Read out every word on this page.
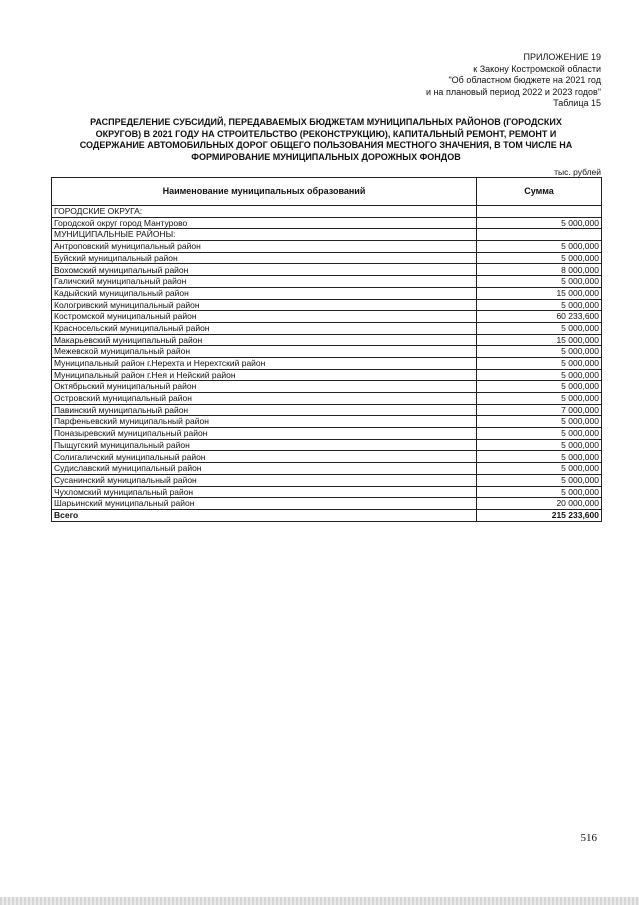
ПРИЛОЖЕНИЕ 19
к Закону Костромской области
"Об областном бюджете на 2021 год
и на плановый период 2022 и 2023 годов"
Таблица 15
РАСПРЕДЕЛЕНИЕ СУБСИДИЙ, ПЕРЕДАВАЕМЫХ БЮДЖЕТАМ МУНИЦИПАЛЬНЫХ РАЙОНОВ (ГОРОДСКИХ
ОКРУГОВ) В 2021 ГОДУ НА СТРОИТЕЛЬСТВО (РЕКОНСТРУКЦИЮ), КАПИТАЛЬНЫЙ РЕМОНТ, РЕМОНТ И
СОДЕРЖАНИЕ АВТОМОБИЛЬНЫХ ДОРОГ ОБЩЕГО ПОЛЬЗОВАНИЯ МЕСТНОГО ЗНАЧЕНИЯ, В ТОМ ЧИСЛЕ НА
ФОРМИРОВАНИЕ МУНИЦИПАЛЬНЫХ ДОРОЖНЫХ ФОНДОВ
тыс. рублей
Наименование муниципальных образований	Сумма
ГОРОДСКИЕ ОКРУГА:	
Городской округ город Мантурово	5 000,000
МУНИЦИПАЛЬНЫЕ РАЙОНЫ:	
Антроповский муниципальный район	5 000,000
Буйский муниципальный район	5 000,000
Вохомский муниципальный район	8 000,000
Галичский муниципальный район	5 000,000
Кадыйский муниципальный район	15 000,000
Кологривский муниципальный район	5 000,000
Костромской муниципальный район	60 233,600
Красносельский муниципальный район	5 000,000
Макарьевский муниципальный район	15 000,000
Межевской муниципальный район	5 000,000
Муниципальный район г.Нерехта и Нерехтский район	5 000,000
Муниципальный район г.Нея и Нейский район	5 000,000
Октябрьский муниципальный район	5 000,000
Островский муниципальный район	5 000,000
Павинский муниципальный район	7 000,000
Парфеньевский муниципальный район	5 000,000
Поназыревский муниципальный район	5 000,000
Пыщугский муниципальный район	5 000,000
Солигаличский муниципальный район	5 000,000
Судиславский муниципальный район	5 000,000
Сусанинский муниципальный район	5 000,000
Чухломский муниципальный район	5 000,000
Шарьинский муниципальный район	20 000,000
Всего	215 233,600
516
